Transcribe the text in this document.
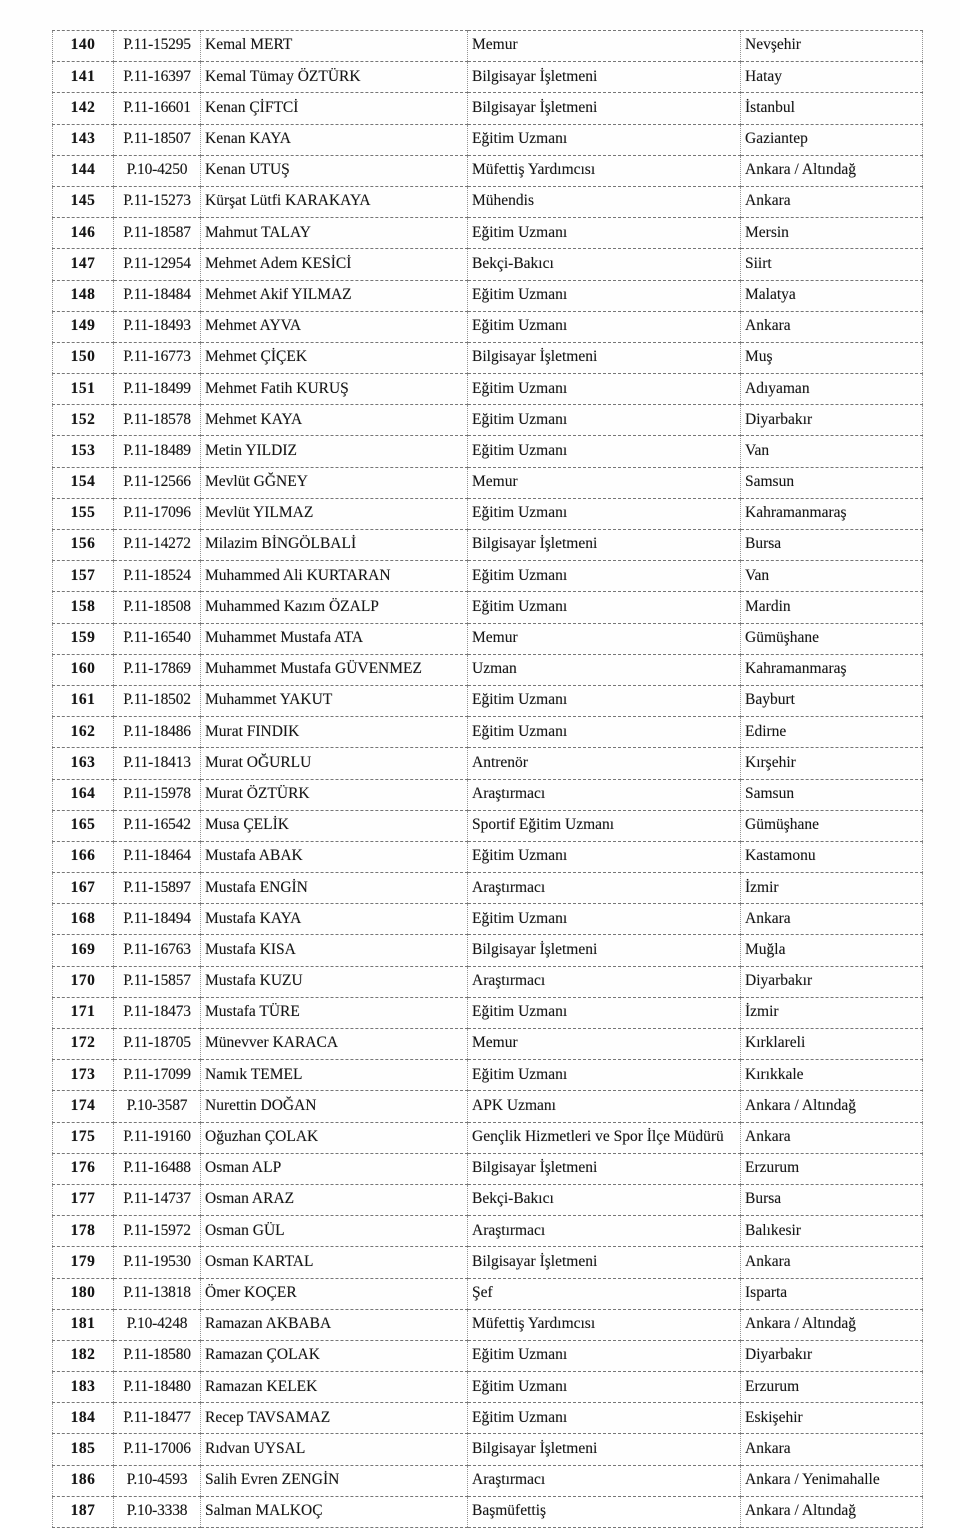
140	P.11-15295	Kemal MERT	Memur	Nevşehir
141	P.11-16397	Kemal Tümay ÖZTÜRK	Bilgisayar İşletmeni	Hatay
142	P.11-16601	Kenan ÇİFTCİ	Bilgisayar İşletmeni	İstanbul
143	P.11-18507	Kenan KAYA	Eğitim Uzmanı	Gaziantep
144	P.10-4250	Kenan UTUŞ	Müfettiş Yardımcısı	Ankara / Altındağ
145	P.11-15273	Kürşat Lütfi KARAKAYA	Mühendis	Ankara
146	P.11-18587	Mahmut TALAY	Eğitim Uzmanı	Mersin
147	P.11-12954	Mehmet Adem KESİCİ	Bekçi-Bakıcı	Siirt
148	P.11-18484	Mehmet Akif YILMAZ	Eğitim Uzmanı	Malatya
149	P.11-18493	Mehmet AYVA	Eğitim Uzmanı	Ankara
150	P.11-16773	Mehmet ÇİÇEK	Bilgisayar İşletmeni	Muş
151	P.11-18499	Mehmet Fatih KURUŞ	Eğitim Uzmanı	Adıyaman
152	P.11-18578	Mehmet KAYA	Eğitim Uzmanı	Diyarbakır
153	P.11-18489	Metin YILDIZ	Eğitim Uzmanı	Van
154	P.11-12566	Mevlüt GĞNEY	Memur	Samsun
155	P.11-17096	Mevlüt YILMAZ	Eğitim Uzmanı	Kahramanmaraş
156	P.11-14272	Milazim BİNGÖLBALİ	Bilgisayar İşletmeni	Bursa
157	P.11-18524	Muhammed Ali KURTARAN	Eğitim Uzmanı	Van
158	P.11-18508	Muhammed Kazım ÖZALP	Eğitim Uzmanı	Mardin
159	P.11-16540	Muhammet Mustafa ATA	Memur	Gümüşhane
160	P.11-17869	Muhammet Mustafa GÜVENMEZ	Uzman	Kahramanmaraş
161	P.11-18502	Muhammet YAKUT	Eğitim Uzmanı	Bayburt
162	P.11-18486	Murat FINDIK	Eğitim Uzmanı	Edirne
163	P.11-18413	Murat OĞURLU	Antrenör	Kırşehir
164	P.11-15978	Murat ÖZTÜRK	Araştırmacı	Samsun
165	P.11-16542	Musa ÇELİK	Sportif Eğitim Uzmanı	Gümüşhane
166	P.11-18464	Mustafa ABAK	Eğitim Uzmanı	Kastamonu
167	P.11-15897	Mustafa ENGİN	Araştırmacı	İzmir
168	P.11-18494	Mustafa KAYA	Eğitim Uzmanı	Ankara
169	P.11-16763	Mustafa KISA	Bilgisayar İşletmeni	Muğla
170	P.11-15857	Mustafa KUZU	Araştırmacı	Diyarbakır
171	P.11-18473	Mustafa TÜRE	Eğitim Uzmanı	İzmir
172	P.11-18705	Münevver KARACA	Memur	Kırklareli
173	P.11-17099	Namık TEMEL	Eğitim Uzmanı	Kırıkkale
174	P.10-3587	Nurettin DOĞAN	APK Uzmanı	Ankara / Altındağ
175	P.11-19160	Oğuzhan ÇOLAK	Gençlik Hizmetleri ve Spor İlçe Müdürü	Ankara
176	P.11-16488	Osman ALP	Bilgisayar İşletmeni	Erzurum
177	P.11-14737	Osman ARAZ	Bekçi-Bakıcı	Bursa
178	P.11-15972	Osman GÜL	Araştırmacı	Balıkesir
179	P.11-19530	Osman KARTAL	Bilgisayar İşletmeni	Ankara
180	P.11-13818	Ömer KOÇER	Şef	Isparta
181	P.10-4248	Ramazan AKBABA	Müfettiş Yardımcısı	Ankara / Altındağ
182	P.11-18580	Ramazan ÇOLAK	Eğitim Uzmanı	Diyarbakır
183	P.11-18480	Ramazan KELEK	Eğitim Uzmanı	Erzurum
184	P.11-18477	Recep TAVSAMAZ	Eğitim Uzmanı	Eskişehir
185	P.11-17006	Rıdvan UYSAL	Bilgisayar İşletmeni	Ankara
186	P.10-4593	Salih Evren ZENGİN	Araştırmacı	Ankara / Yenimahalle
187	P.10-3338	Salman MALKOÇ	Başmüfettiş	Ankara / Altındağ
